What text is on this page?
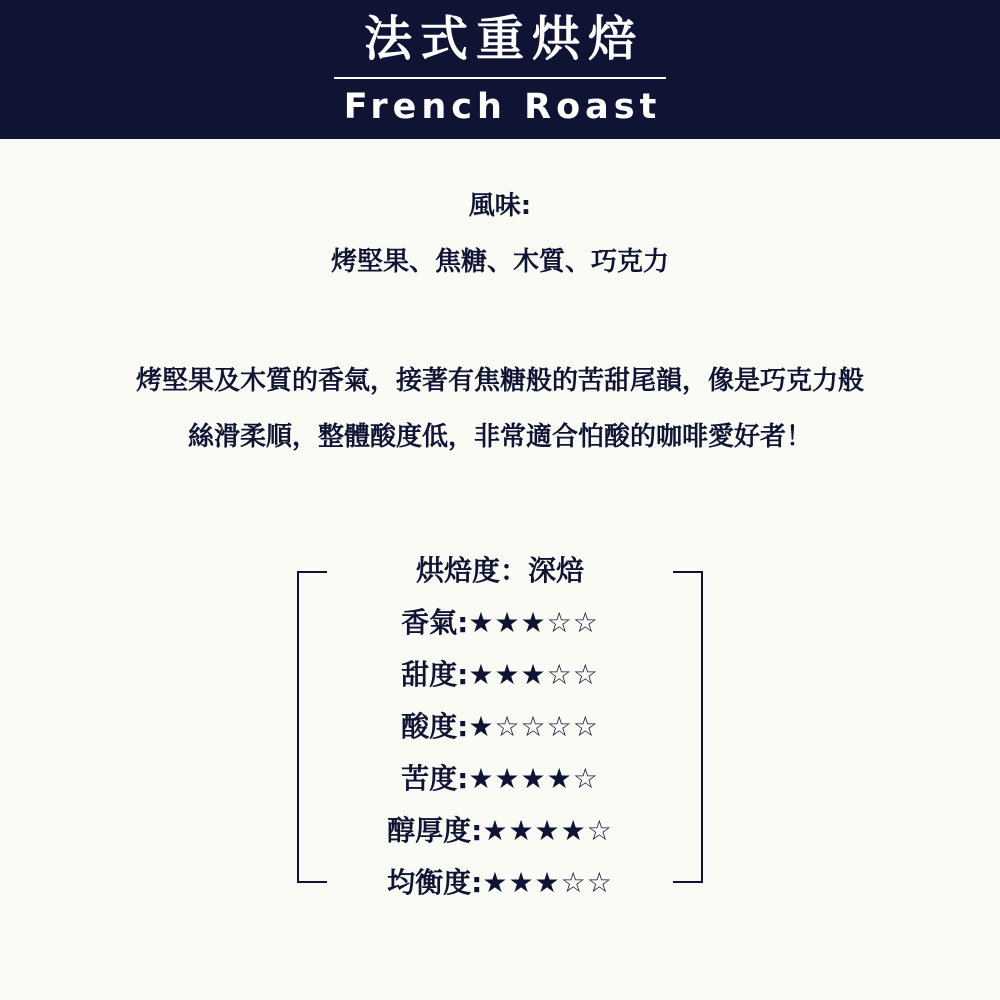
法式重烘焙
French Roast
風味:
烤堅果、焦糖、木質、巧克力
烤堅果及木質的香氣，接著有焦糖般的苦甜尾韻，像是巧克力般
絲滑柔順，整體酸度低，非常適合怕酸的咖啡愛好者！
烘焙度：深焙
香氣:★★★☆☆
甜度:★★★☆☆
酸度:★☆☆☆☆
苦度:★★★★☆
醇厚度:★★★★☆
均衡度:★★★☆☆
